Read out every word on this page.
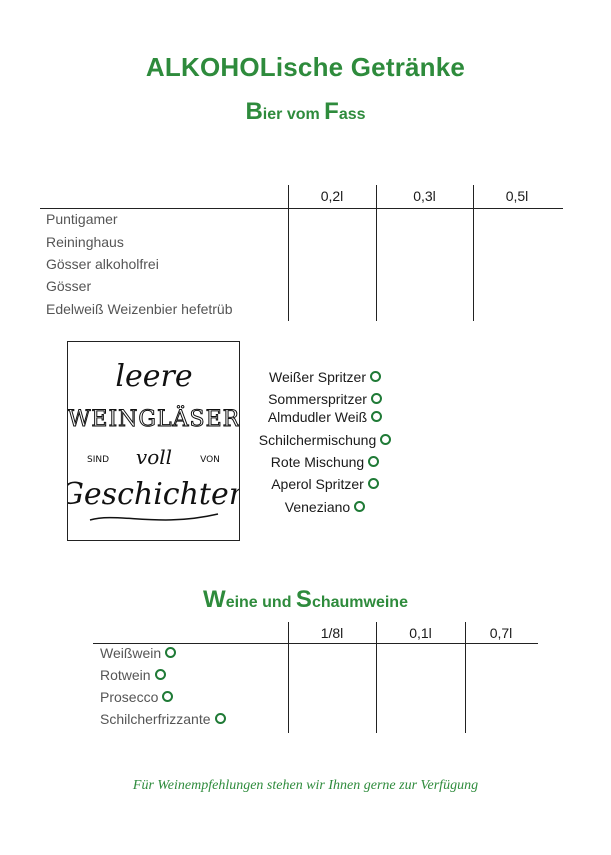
ALKOHOLische Getränke
Bier vom Fass
0,2l	0,3l	0,5l
Puntigamer
Reininghaus
Gösser alkoholfrei
Gösser
Edelweiß Weizenbier hefetrüb
leere
WEINGLÄSER
SIND voll	VON
Geschichten
Weißer Spritzer
Sommerspritzer
Almdudler Weiß
Schilchermischung
Rote Mischung
Aperol Spritzer
Veneziano
Weine und Schaumweine
1/8l	0,1l	0,7l
Weißwein
Rotwein
Prosecco
Schilcherfrizzante
Für Weinempfehlungen stehen wir Ihnen gerne zur Verfügung
